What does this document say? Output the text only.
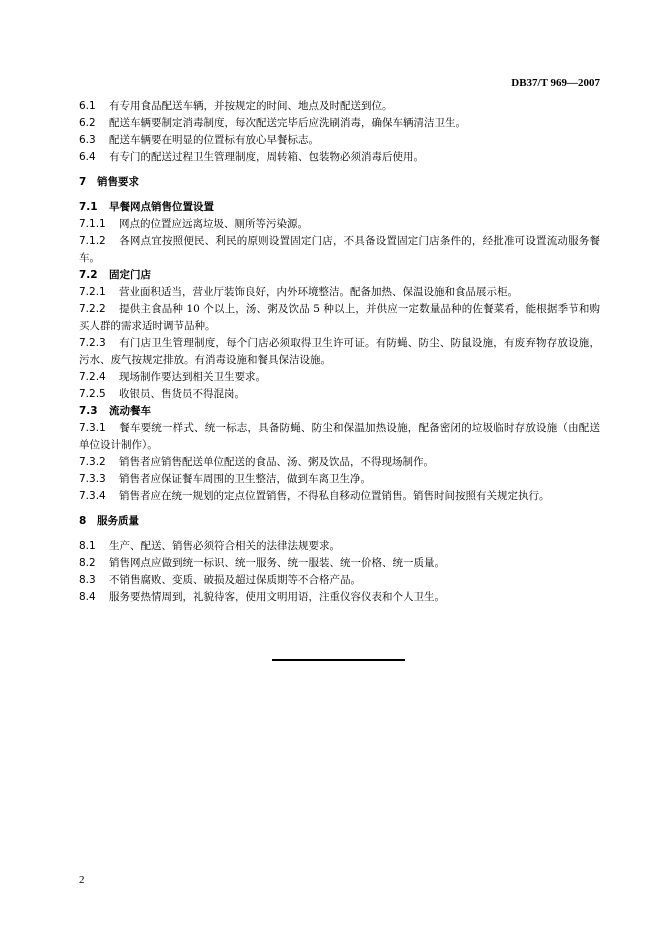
DB37/T 969—2007

6.1 有专用食品配送车辆，并按规定的时间、地点及时配送到位。

6.2 配送车辆要制定消毒制度，每次配送完毕后应洗刷消毒，确保车辆清洁卫生。

6.3 配送车辆要在明显的位置标有放心早餐标志。

6.4 有专门的配送过程卫生管理制度，周转箱、包装物必须消毒后使用。

7 销售要求

7.1 早餐网点销售位置设置

7.1.1 网点的位置应远离垃圾、厕所等污染源。

7.1.2 各网点宜按照便民、利民的原则设置固定门店，不具备设置固定门店条件的，经批准可设置流动服务餐车。

7.2 固定门店

7.2.1 营业面积适当，营业厅装饰良好，内外环境整洁。配备加热、保温设施和食品展示柜。

7.2.2 提供主食品种 10 个以上，汤、粥及饮品 5 种以上，并供应一定数量品种的佐餐菜肴，能根据季节和购买人群的需求适时调节品种。

7.2.3 有门店卫生管理制度，每个门店必须取得卫生许可证。有防蝇、防尘、防鼠设施，有废弃物存放设施，污水、废气按规定排放。有消毒设施和餐具保洁设施。

7.2.4 现场制作要达到相关卫生要求。

7.2.5 收银员、售货员不得混岗。

7.3 流动餐车

7.3.1 餐车要统一样式、统一标志，具备防蝇、防尘和保温加热设施，配备密闭的垃圾临时存放设施（由配送单位设计制作）。

7.3.2 销售者应销售配送单位配送的食品、汤、粥及饮品，不得现场制作。

7.3.3 销售者应保证餐车周围的卫生整洁，做到车离卫生净。

7.3.4 销售者应在统一规划的定点位置销售，不得私自移动位置销售。销售时间按照有关规定执行。

8 服务质量

8.1 生产、配送、销售必须符合相关的法律法规要求。

8.2 销售网点应做到统一标识、统一服务、统一服装、统一价格、统一质量。

8.3 不销售腐败、变质、破损及超过保质期等不合格产品。

8.4 服务要热情周到，礼貌待客，使用文明用语，注重仪容仪表和个人卫生。

2
